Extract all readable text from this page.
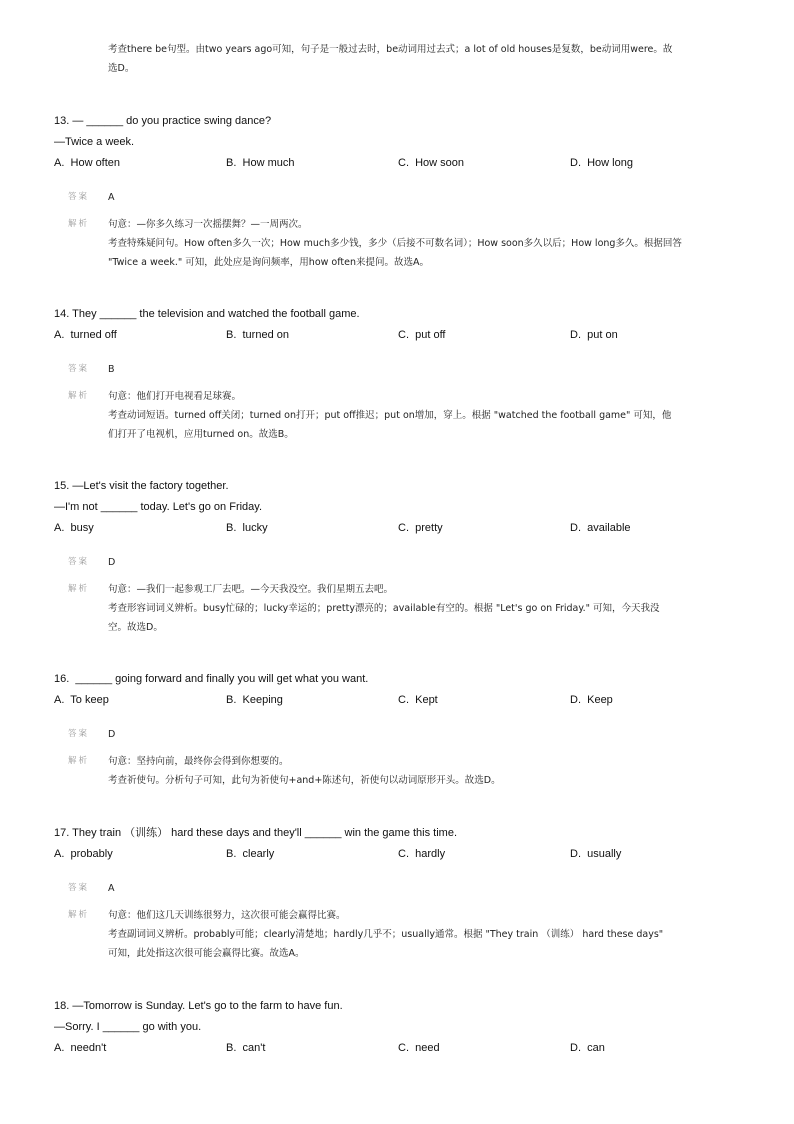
考查there be句型。由two years ago可知，句子是一般过去时，be动词用过去式；a lot of old houses是复数，be动词用were。故
选D。
13. — ______ do you practice swing dance?
—Twice a week.
A.  How often	B.  How much	C.  How soon	D.  How long
答案 A
解析 句意：—你多久练习一次摇摆舞？—一周两次。
考查特殊疑问句。How often多久一次；How much多少钱，多少（后接不可数名词）；How soon多久以后；How long多久。根据回答
"Twice a week." 可知，此处应是询问频率，用how often来提问。故选A。
14. They ______ the television and watched the football game.
A.  turned off	B.  turned on	C.  put off	D.  put on
答案 B
解析 句意：他们打开电视看足球赛。
考查动词短语。turned off关闭；turned on打开；put off推迟；put on增加，穿上。根据 "watched the football game" 可知，他
们打开了电视机，应用turned on。故选B。
15. —Let's visit the factory together.
—I'm not ______ today. Let's go on Friday.
A.  busy	B.  lucky	C.  pretty	D.  available
答案 D
解析 句意：—我们一起参观工厂去吧。—今天我没空。我们星期五去吧。
考查形容词词义辨析。busy忙碌的；lucky幸运的；pretty漂亮的；available有空的。根据 "Let's go on Friday." 可知，今天我没
空。故选D。
16.  ______ going forward and finally you will get what you want.
A.  To keep	B.  Keeping	C.  Kept	D.  Keep
答案 D
解析 句意：坚持向前，最终你会得到你想要的。
考查祈使句。分析句子可知，此句为祈使句+and+陈述句，祈使句以动词原形开头。故选D。
17. They train （训练） hard these days and they'll ______ win the game this time.
A.  probably	B.  clearly	C.  hardly	D.  usually
答案 A
解析 句意：他们这几天训练很努力，这次很可能会赢得比赛。
考查副词词义辨析。probably可能；clearly清楚地；hardly几乎不；usually通常。根据 "They train （训练） hard these days"
可知，此处指这次很可能会赢得比赛。故选A。
18. —Tomorrow is Sunday. Let's go to the farm to have fun.
—Sorry. I ______ go with you.
A.  needn't	B.  can't	C.  need	D.  can
